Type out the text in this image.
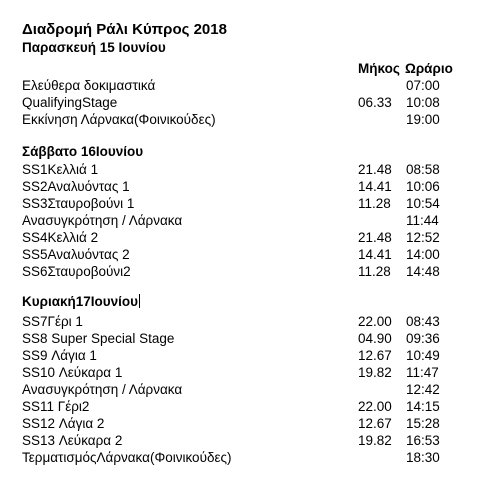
Διαδρομή Ράλι Κύπρος 2018
Παρασκευή 15 Ιουνίου
Μήκος Ωράριο
Ελεύθερα δοκιμαστικά	07:00
QualifyingStage	06.33 10:08
Εκκίνηση Λάρνακα(Φοινικούδες)	19:00
Σάββατο 16Ιουνίου
SS1Κελλιά 1	21.48 08:58
SS2Αναλυόντας 1	14.41 10:06
SS3Σταυροβούνι 1	11.28 10:54
Ανασυγκρότηση / Λάρνακα	11:44
SS4Κελλιά 2	21.48 12:52
SS5Αναλυόντας 2	14.41 14:00
SS6Σταυροβούνι2	11.28 14:48
Κυριακή17Ιουνίου
SS7Γέρι 1	22.00 08:43
SS8 Super Special Stage	04.90 09:36
SS9 Λάγια 1	12.67 10:49
SS10 Λεύκαρα 1	19.82 11:47
Ανασυγκρότηση / Λάρνακα	12:42
SS11 Γέρι2	22.00 14:15
SS12 Λάγια 2	12.67 15:28
SS13 Λεύκαρα 2	19.82 16:53
ΤερματισμόςΛάρνακα(Φοινικούδες)	18:30
